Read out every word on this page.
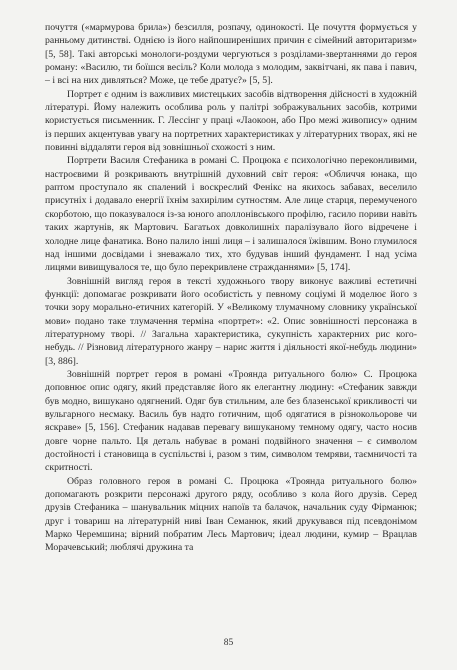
почуття («мармурова брила») безсилля, розпачу, одинокості. Це почуття формується у ранньому дитинстві. Однією із його найпоширеніших причин є сімейний авторитаризм» [5, 58]. Такі авторські монологи-роздуми чергуються з розділами-звертаннями до героя роману: «Василю, ти боїшся весіль? Коли молода з молодим, заквітчані, як пава і павич, – і всі на них дивляться? Може, це тебе дратує?» [5, 5].

Портрет є одним із важливих мистецьких засобів відтворення дійсності в художній літературі. Йому належить особлива роль у палітрі зображувальних засобів, котрими користується письменник. Г. Лессінг у праці «Лаокоон, або Про межі живопису» одним із перших акцентував увагу на портретних характеристиках у літературних творах, які не повинні віддаляти героя від зовнішньої схожості з ним.

Портрети Василя Стефаника в романі С. Процюка є психологічно переконливими, настроєвими й розкривають внутрішній духовний світ героя: «Обличчя юнака, що раптом проступало як спалений і воскреслий Фенікс на якихось забавах, веселило присутніх і додавало енергії їхнім захирілим сутностям. Але лице старця, перемученого скорботою, що показувалося із-за юного аполлонівського профілю, гасило пориви навіть таких жартунів, як Мартович. Багатьох довколишніх паралізувало його відречене і холодне лице фанатика. Воно палило інші лиця – і залишалося їжівшим. Воно глумилося над іншими досвідами і зневажало тих, хто будував інший фундамент. І над усіма лицями вивищувалося те, що було перекривлене стражданнями» [5, 174].

Зовнішній вигляд героя в тексті художнього твору виконує важливі естетичні функції: допомагає розкривати його особистість у певному соціумі й моделює його з точки зору морально-етичних категорій. У «Великому тлумачному словнику української мови» подано таке тлумачення терміна «портрет»: «2. Опис зовнішності персонажа в літературному творі. // Загальна характеристика, сукупність характерних рис кого-небудь. // Різновид літературного жанру – нарис життя і діяльності якої-небудь людини» [3, 886].

Зовнішній портрет героя в романі «Троянда ритуального болю» С. Процюка доповнює опис одягу, який представляє його як елегантну людину: «Стефаник завжди був модно, вишукано одягнений. Одяг був стильним, але без блазенської крикливості чи вульгарного несмаку. Василь був надто готичним, щоб одягатися в різнокольорове чи яскраве» [5, 156]. Стефаник надавав перевагу вишуканому темному одягу, часто носив довге чорне пальто. Ця деталь набуває в романі подвійного значення – є символом достойності і становища в суспільстві і, разом з тим, символом темряви, таємничості та скритності.

Образ головного героя в романі С. Процюка «Троянда ритуального болю» допомагають розкрити персонажі другого ряду, особливо з кола його друзів. Серед друзів Стефаника – шанувальник міцних напоїв та балачок, начальник суду Фірманюк; друг і товариш на літературній ниві Іван Семанюк, який друкувався під псевдонімом Марко Черемшина; вірний побратим Лесь Мартович; ідеал людини, кумир – Врацлав Морачевський; люблячі дружина та

85
